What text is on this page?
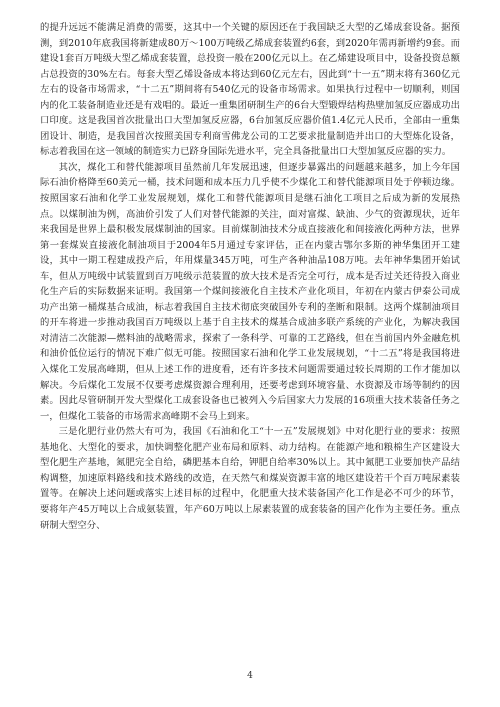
的提升远远不能满足消费的需要，这其中一个关键的原因还在于我国缺乏大型的乙烯成套设备。据预测，到2010年底我国将新建成80万～100万吨级乙烯成套装置约6套，到2020年需再新增约9套。而建设1套百万吨级大型乙烯成套装置，总投资一般在200亿元以上。在乙烯建设项目中，设备投资总额占总投资的30%左右。每套大型乙烯设备成本将达到60亿元左右，因此到“十一五”期末将有360亿元左右的设备市场需求，“十二五”期间将有540亿元的设备市场需求。如果执行过程中一切顺利，则国内的化工装备制造业还是有戏唱的。最近一重集团研制生产的6台大型锻焊结构热壁加氢反应器成功出口印度。这是我国首次批量出口大型加氢反应器，6台加氢反应器价值1.4亿元人民币，全部由一重集团设计、制造，是我国首次按照美国专利商雪佛龙公司的工艺要求批量制造并出口的大型炼化设备，标志着我国在这一领域的制造实力已跻身国际先进水平，完全具备批量出口大型加氢反应器的实力。

其次，煤化工和替代能源项目虽然前几年发展迅速，但逐步暴露出的问题越来越多，加上今年国际石油价格降至60美元一桶，技术问题和成本压力几乎使不少煤化工和替代能源项目处于停顿边缘。按照国家石油和化学工业发展规划，煤化工和替代能源项目是继石油化工项目之后成为新的发展热点。以煤制油为例，高油价引发了人们对替代能源的关注，面对富煤、缺油、少气的资源现状，近年来我国是世界上最积极发展煤制油的国家。目前煤制油技术分成直接液化和间接液化两种方法，世界第一套煤炭直接液化制油项目于2004年5月通过专家评估，正在内蒙古鄂尔多斯的神华集团开工建设，其中一期工程建成投产后，年用煤量345万吨，可生产各种油品108万吨。去年神华集团开始试车，但从万吨级中试装置到百万吨级示范装置的放大技术是否完全可行，成本是否过关还待投入商业化生产后的实际数据来证明。我国第一个煤间接液化自主技术产业化项目，年初在内蒙古伊泰公司成功产出第一桶煤基合成油，标志着我国自主技术彻底突破国外专利的垄断和限制。这两个煤制油项目的开车将进一步推动我国百万吨级以上基于自主技术的煤基合成油多联产系统的产业化，为解决我国对清洁二次能源—燃料油的战略需求，探索了一条科学、可靠的工艺路线，但在当前国内外金融危机和油价低位运行的情况下难广似无可能。按照国家石油和化学工业发展规划，“十二五”将是我国将进入煤化工发展高峰期，但从上述工作的进度看，还有许多技术问题需要通过较长周期的工作才能加以解决。今后煤化工发展不仅要考虑煤资源合理利用，还要考虑到环境容量、水资源及市场等制约的因素。因此尽管研制开发大型煤化工成套设备也已被列入今后国家大力发展的16项重大技术装备任务之一，但煤化工装备的市场需求高峰期不会马上到来。

三是化肥行业仍然大有可为，我国《石油和化工“十一五”发展规划》中对化肥行业的要求：按照基地化、大型化的要求，加快调整化肥产业布局和原料、动力结构。在能源产地和粮棉生产区建设大型化肥生产基地，氮肥完全自给，磷肥基本自给，钾肥自给率30%以上。其中氮肥工业要加快产品结构调整，加速原料路线和技术路线的改造，在天然气和煤炭资源丰富的地区建设若干个百万吨尿素装置等。在解决上述问题或落实上述目标的过程中，化肥重大技术装备国产化工作是必不可少的环节，要将年产45万吨以上合成氨装置，年产60万吨以上尿素装置的成套装备的国产化作为主要任务。重点研制大型空分、

4
